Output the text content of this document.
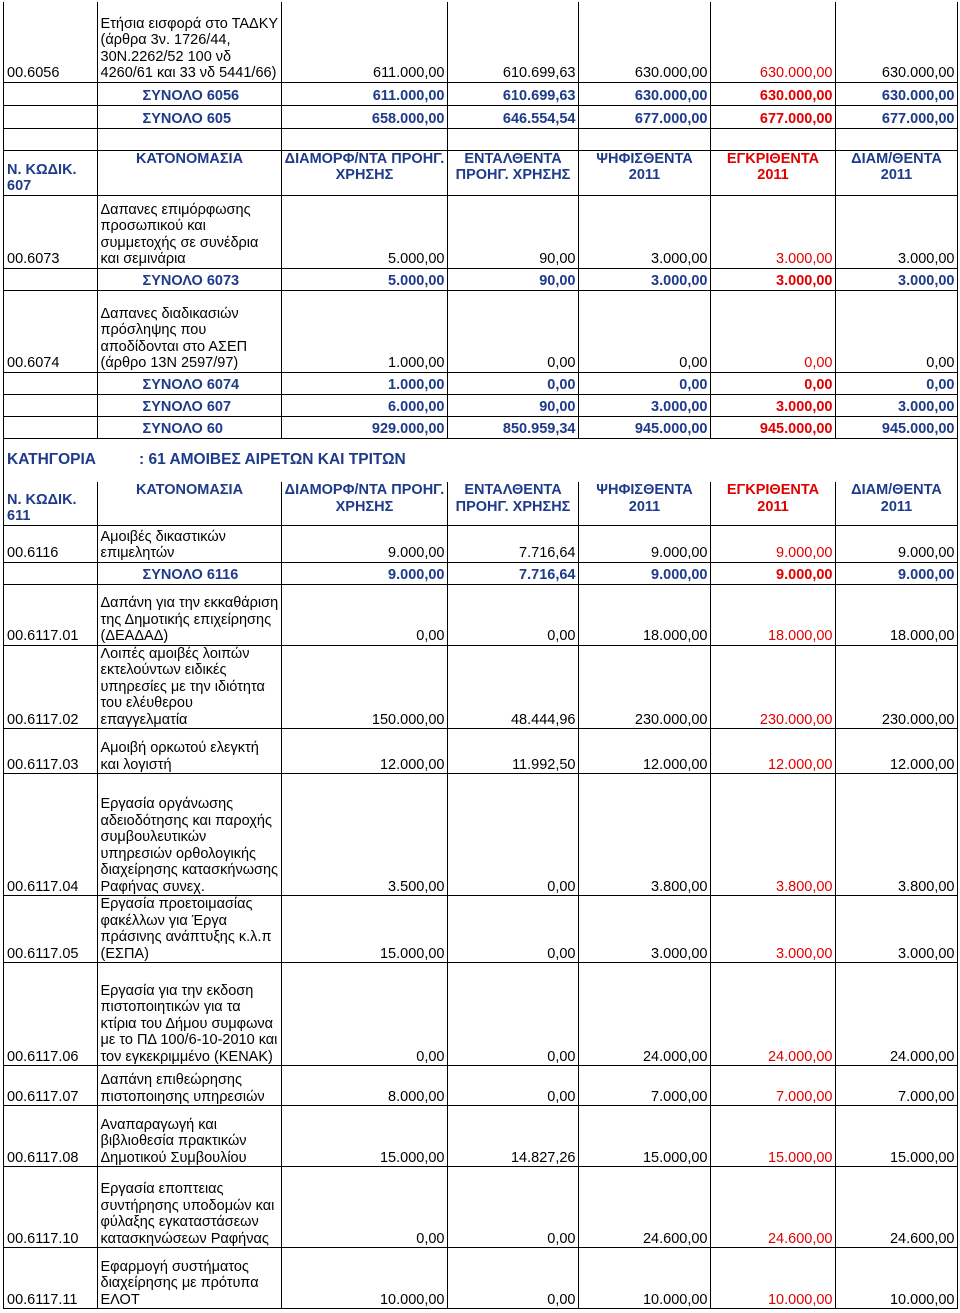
00.6056	Ετήσια εισφορά στο ΤΑΔΚΥ (άρθρα 3ν. 1726/44, 30Ν.2262/52 100 νδ 4260/61 και 33 νδ 5441/66)	611.000,00	610.699,63	630.000,00	630.000,00	630.000,00
	ΣΥΝΟΛΟ 6056	611.000,00	610.699,63	630.000,00	630.000,00	630.000,00
	ΣΥΝΟΛΟ 605	658.000,00	646.554,54	677.000,00	677.000,00	677.000,00

Ν. ΚΩΔΙΚ. 607	ΚΑΤΟΝΟΜΑΣΙΑ	ΔΙΑΜΟΡΦ/ΝΤΑ ΠΡΟΗΓ. ΧΡΗΣΗΣ	ΕΝΤΑΛΘΕΝΤΑ ΠΡΟΗΓ. ΧΡΗΣΗΣ	ΨΗΦΙΣΘΕΝΤΑ 2011	ΕΓΚΡΙΘΕΝΤΑ 2011	ΔΙΑΜ/ΘΕΝΤΑ 2011
00.6073	Δαπανες επιμόρφωσης προσωπικού και συμμετοχής σε συνέδρια και σεμινάρια	5.000,00	90,00	3.000,00	3.000,00	3.000,00
	ΣΥΝΟΛΟ 6073	5.000,00	90,00	3.000,00	3.000,00	3.000,00
00.6074	Δαπανες διαδικασιών πρόσληψης που αποδίδονται στο ΑΣΕΠ (άρθρο 13Ν 2597/97)	1.000,00	0,00	0,00	0,00	0,00
	ΣΥΝΟΛΟ 6074	1.000,00	0,00	0,00	0,00	0,00
	ΣΥΝΟΛΟ 607	6.000,00	90,00	3.000,00	3.000,00	3.000,00
	ΣΥΝΟΛΟ 60	929.000,00	850.959,34	945.000,00	945.000,00	945.000,00
ΚΑΤΗΓΟΡΙΑ	: 61 ΑΜΟΙΒΕΣ ΑΙΡΕΤΩΝ ΚΑΙ ΤΡΙΤΩΝ					
Ν. ΚΩΔΙΚ. 611	ΚΑΤΟΝΟΜΑΣΙΑ	ΔΙΑΜΟΡΦ/ΝΤΑ ΠΡΟΗΓ. ΧΡΗΣΗΣ	ΕΝΤΑΛΘΕΝΤΑ ΠΡΟΗΓ. ΧΡΗΣΗΣ	ΨΗΦΙΣΘΕΝΤΑ 2011	ΕΓΚΡΙΘΕΝΤΑ 2011	ΔΙΑΜ/ΘΕΝΤΑ 2011
00.6116	Αμοιβές δικαστικών επιμελητών	9.000,00	7.716,64	9.000,00	9.000,00	9.000,00
	ΣΥΝΟΛΟ 6116	9.000,00	7.716,64	9.000,00	9.000,00	9.000,00
00.6117.01	Δαπάνη για την εκκαθάριση της Δημοτικής επιχείρησης (ΔΕΑΔΑΔ)	0,00	0,00	18.000,00	18.000,00	18.000,00
00.6117.02	Λοιπές αμοιβές λοιπών εκτελούντων ειδικές υπηρεσίες με την ιδιότητα του ελέυθερου επαγγελματία	150.000,00	48.444,96	230.000,00	230.000,00	230.000,00
00.6117.03	Αμοιβή ορκωτού ελεγκτή και λογιστή	12.000,00	11.992,50	12.000,00	12.000,00	12.000,00
00.6117.04	Εργασία οργάνωσης αδειοδότησης και παροχής συμβουλευτικών υπηρεσιών ορθολογικής διαχείρησης κατασκήνωσης Ραφήνας συνεχ.	3.500,00	0,00	3.800,00	3.800,00	3.800,00
00.6117.05	Εργασία προετοιμασίας φακέλλων για Έργα πράσινης ανάπτυξης κ.λ.π (ΕΣΠΑ)	15.000,00	0,00	3.000,00	3.000,00	3.000,00
00.6117.06	Εργασία για την εκδοση πιστοποιητικών για τα κτίρια του Δήμου συμφωνα με το ΠΔ 100/6-10-2010 και τον εγκεκριμμένο (ΚΕΝΑΚ)	0,00	0,00	24.000,00	24.000,00	24.000,00
00.6117.07	Δαπάνη επιθεώρησης πιστοποιησης υπηρεσιών	8.000,00	0,00	7.000,00	7.000,00	7.000,00
00.6117.08	Αναπαραγωγή και βιβλιοθεσία πρακτικών Δημοτικού Συμβουλίου	15.000,00	14.827,26	15.000,00	15.000,00	15.000,00
00.6117.10	Εργασία εποπτειας συντήρησης υποδομών και φύλαξης εγκαταστάσεων κατασκηνώσεων Ραφήνας	0,00	0,00	24.600,00	24.600,00	24.600,00
00.6117.11	Εφαρμογή συστήματος διαχείρησης με πρότυπα ΕΛΟΤ	10.000,00	0,00	10.000,00	10.000,00	10.000,00
